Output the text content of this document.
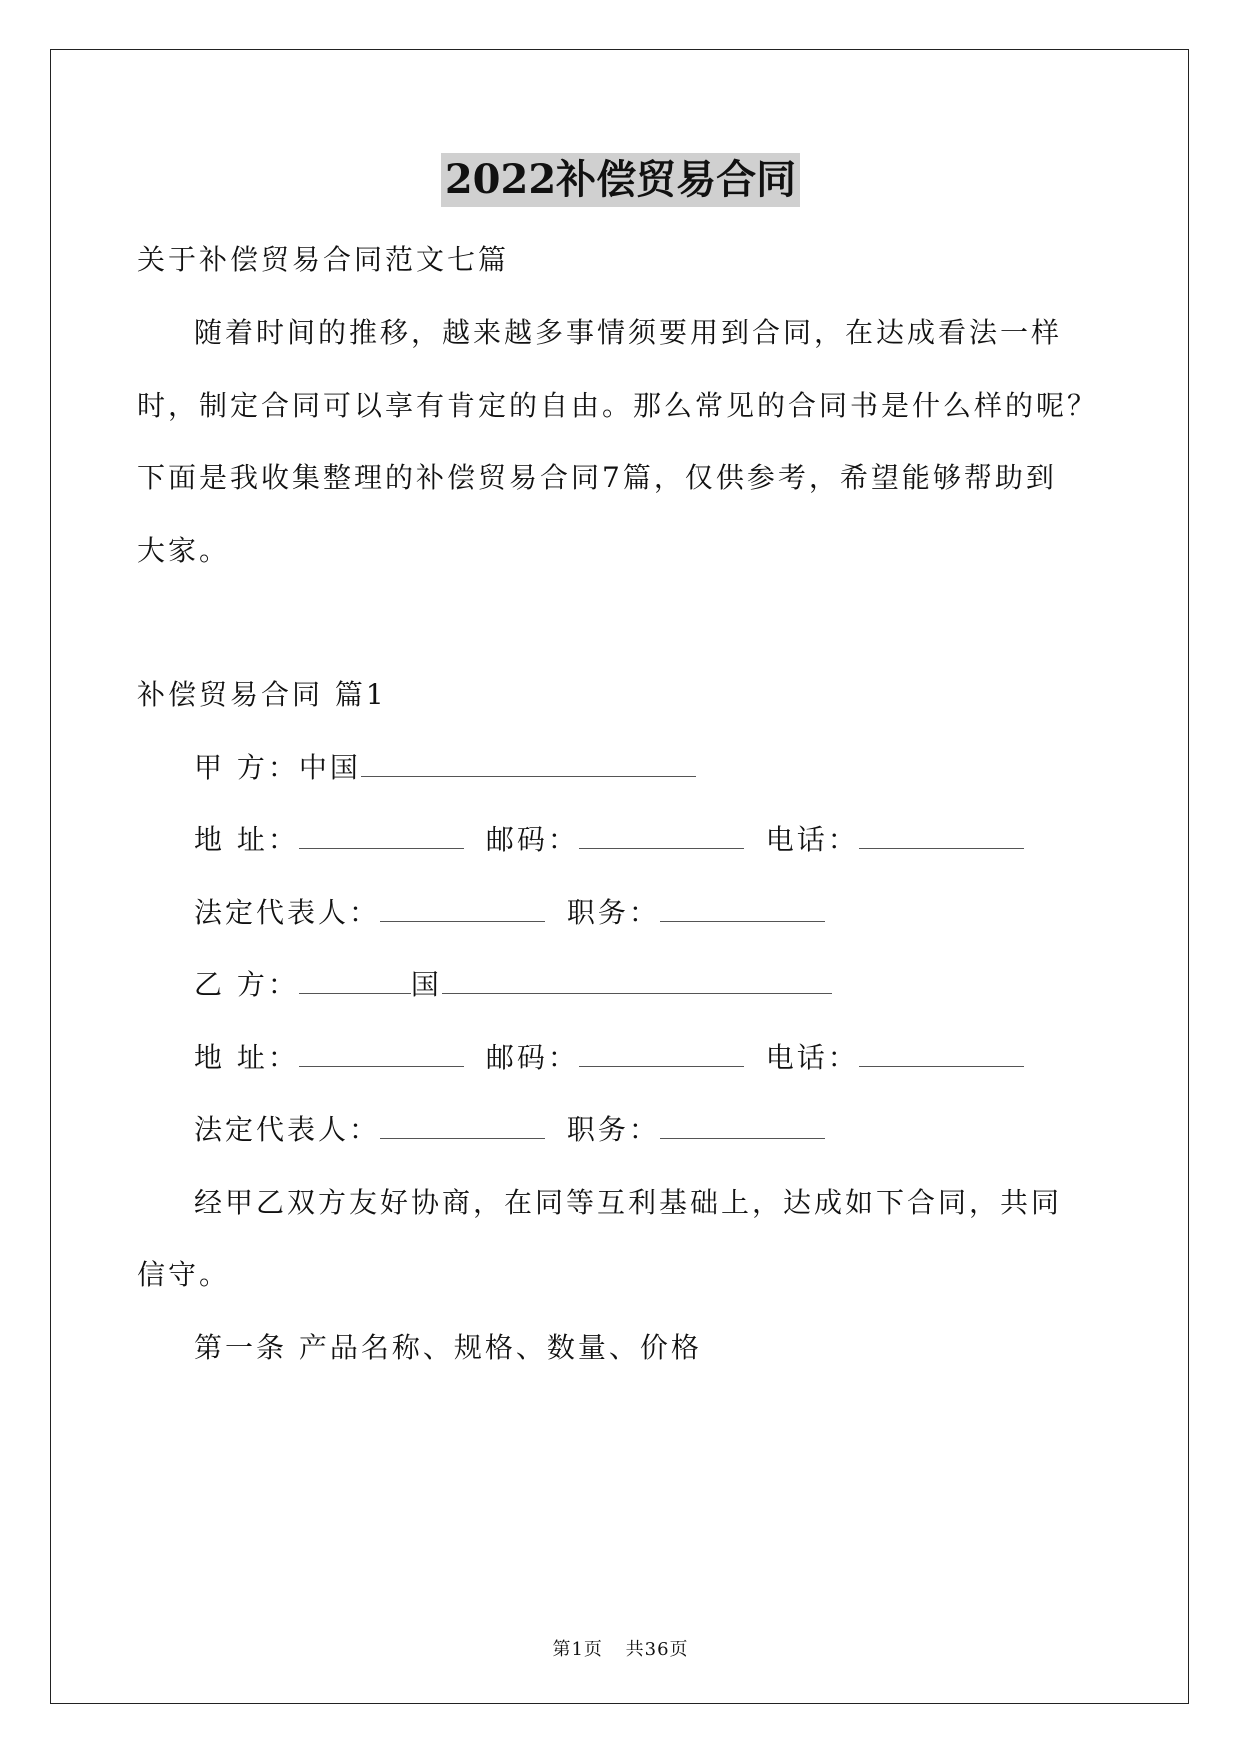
2022补偿贸易合同
关于补偿贸易合同范文七篇
随着时间的推移，越来越多事情须要用到合同，在达成看法一样
时，制定合同可以享有肯定的自由。那么常见的合同书是什么样的呢？
下面是我收集整理的补偿贸易合同7篇，仅供参考，希望能够帮助到
大家。
补偿贸易合同 篇1
甲 方：中国
地 址：	邮码：	电话：
法定代表人：	职务：
乙 方：	国
地 址：	邮码：	电话：
法定代表人：	职务：
经甲乙双方友好协商，在同等互利基础上，达成如下合同，共同
信守。
第一条 产品名称、规格、数量、价格
第1页 共36页
